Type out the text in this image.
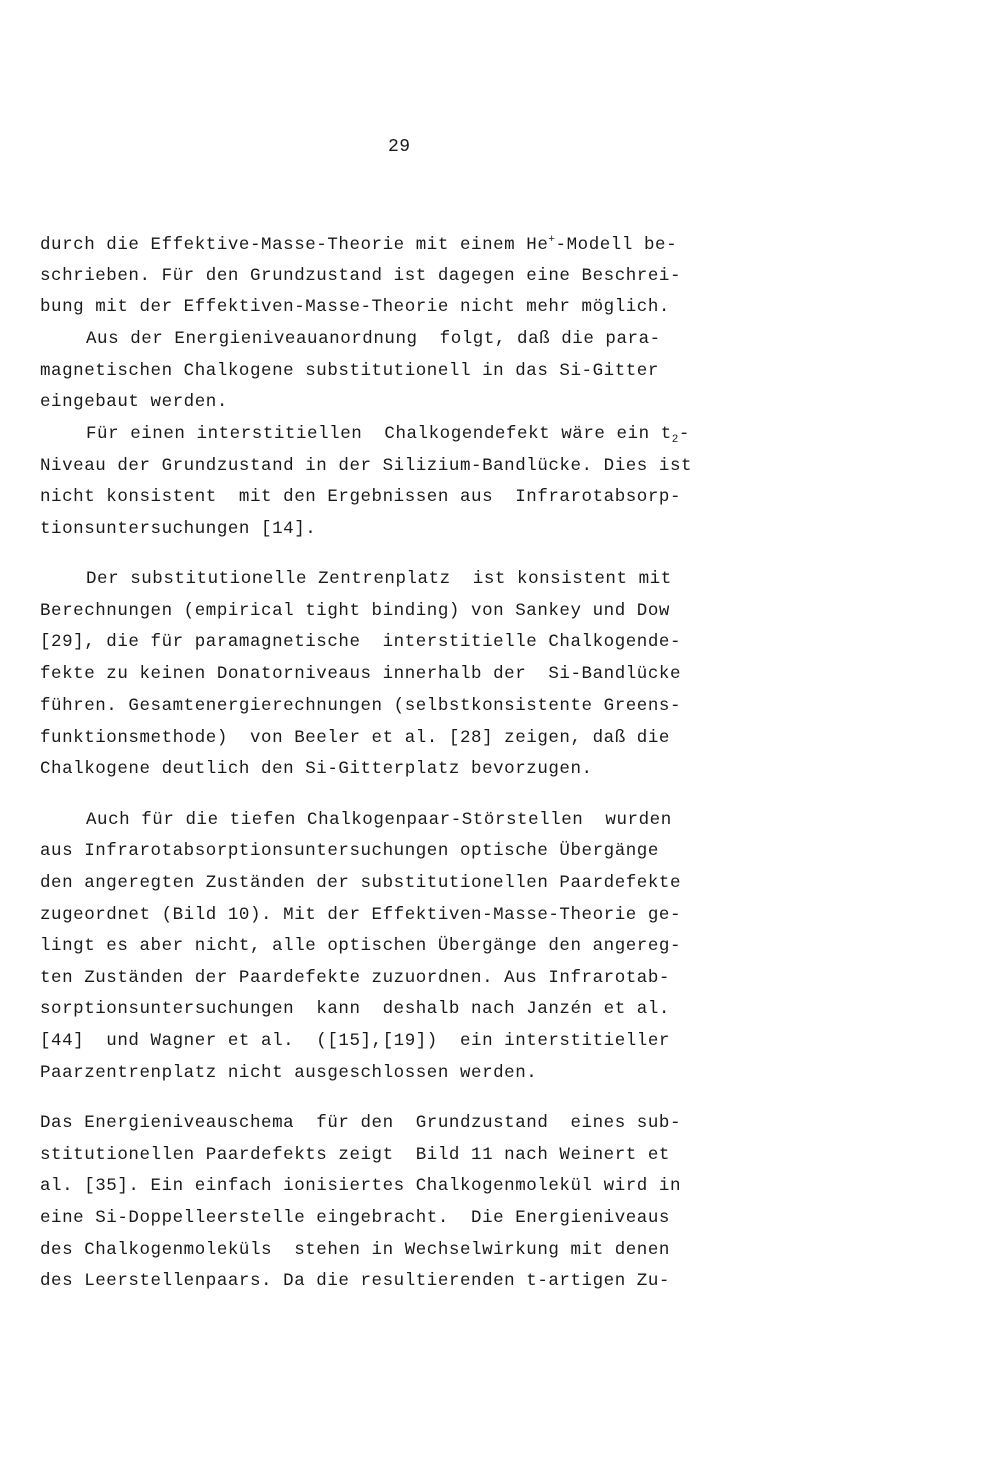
29
durch die Effektive-Masse-Theorie mit einem He+-Modell be-
schrieben. Für den Grundzustand ist dagegen eine Beschrei-
bung mit der Effektiven-Masse-Theorie nicht mehr möglich.
Aus der Energieniveauanordnung  folgt, daß die para-
magnetischen Chalkogene substitutionell in das Si-Gitter
eingebaut werden.
Für einen interstitiellen  Chalkogendefekt wäre ein $t_2-$
Niveau der Grundzustand in der Silizium-Bandlücke. Dies ist
nicht konsistent  mit den Ergebnissen aus  Infrarotabsorp-
tionsuntersuchungen [14].
Der substitutionelle Zentrenplatz  ist konsistent mit
Berechnungen (empirical tight binding) von Sankey und Dow
[29], die für paramagnetische  interstitielle Chalkogende-
fekte zu keinen Donatorniveaus innerhalb der  Si-Bandlücke
führen. Gesamtenergierechnungen (selbstkonsistente Greens-
funktionsmethode)  von Beeler et al. [28] zeigen, daß die
Chalkogene deutlich den Si-Gitterplatz bevorzugen.
Auch für die tiefen Chalkogenpaar-Störstellen  wurden
aus Infrarotabsorptionsuntersuchungen optische Übergänge
den angeregten Zuständen der substitutionellen Paardefekte
zugeordnet (Bild 10). Mit der Effektiven-Masse-Theorie ge-
lingt es aber nicht, alle optischen Übergänge den angereg-
ten Zuständen der Paardefekte zuzuordnen. Aus Infrarotab-
sorptionsuntersuchungen  kann  deshalb nach Janzén et al.
[44]  und Wagner et al.  ([15],[19])  ein interstitieller
Paarzentrenplatz nicht ausgeschlossen werden.
Das Energieniveauschema  für den  Grundzustand  eines sub-
stitutionellen Paardefekts zeigt  Bild 11 nach Weinert et
al. [35]. Ein einfach ionisiertes Chalkogenmolekül wird in
eine Si-Doppelleerstelle eingebracht.  Die Energieniveaus
des Chalkogenmoleküls  stehen in Wechselwirkung mit denen
des Leerstellenpaars. Da die resultierenden t-artigen Zu-
